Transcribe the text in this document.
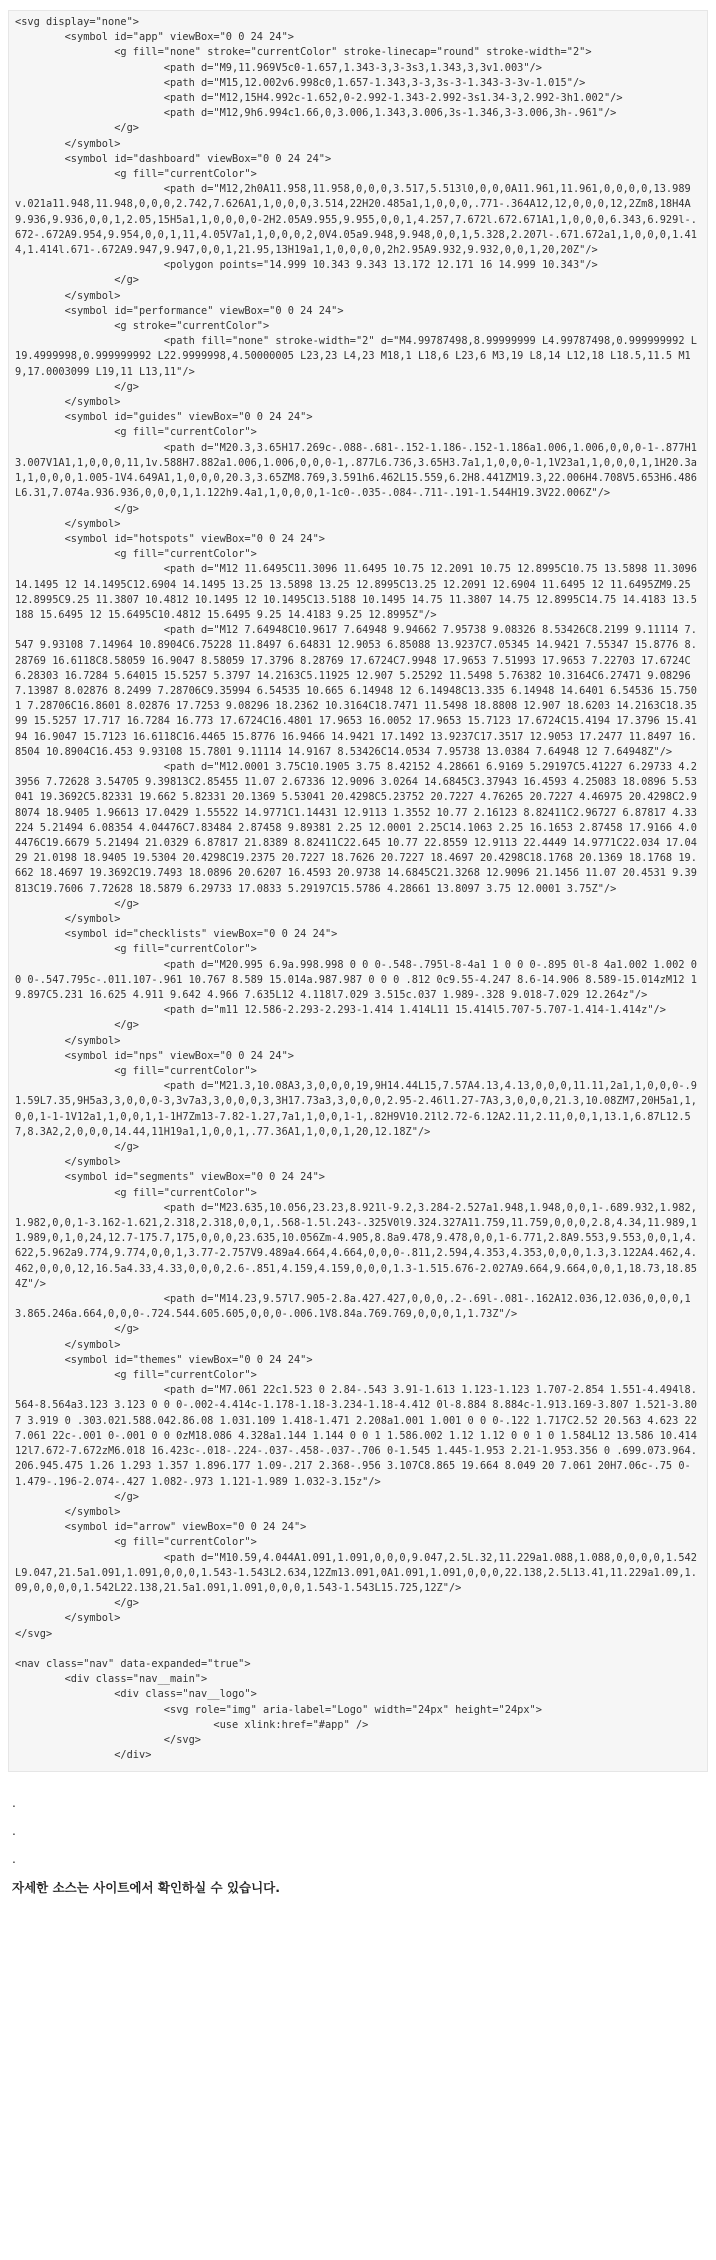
<svg display="none">
<symbol id="app" viewBox="0 0 24 24">
<g fill="none" stroke="currentColor" stroke-linecap="round" stroke-width="2">
<path d="M9,11.969V5c0-1.657,1.343-3,3-3s3,1.343,3,3v1.003"/>
<path d="M15,12.002v6.998c0,1.657-1.343,3-3,3s-3-1.343-3-3v-1.015"/>
<path d="M12,15H4.992c-1.652,0-2.992-1.343-2.992-3s1.34-3,2.992-3h1.002"/>
<path d="M12,9h6.994c1.66,0,3.006,1.343,3.006,3s-1.346,3-3.006,3h-.961"/>
</g>
</symbol>
<symbol id="dashboard" viewBox="0 0 24 24">
<g fill="currentColor">
<path d="M12,2h0A11.958,11.958,0,0,0,3.517,5.513l0,0,0,0A11.961,11.961,0,0,0,0,13.989v.021a11.948,11.948,0,0,0,2.742,7.626A1,1,0,0,0,3.514,22H20.485a1,1,0,0,0,.771-.364A12,12,0,0,0,12,2Zm8,18H4A9.936,9.936,0,0,1,2.05,15H5a1,1,0,0,0,0-2H2.05A9.955,9.955,0,0,1,4.257,7.672l.672.671A1,1,0,0,0,6.343,6.929l-.672-.672A9.954,9.954,0,0,1,11,4.05V7a1,1,0,0,0,2,0V4.05a9.948,9.948,0,0,1,5.328,2.207l-.671.672a1,1,0,0,0,1.414,1.414l.671-.672A9.947,9.947,0,0,1,21.95,13H19a1,1,0,0,0,0,2h2.95A9.932,9.932,0,0,1,20,20Z"/>
<polygon points="14.999 10.343 9.343 13.172 12.171 16 14.999 10.343"/>
</g>
</symbol>
<symbol id="performance" viewBox="0 0 24 24">
<g stroke="currentColor">
<path fill="none" stroke-width="2" d="M4.99787498,8.99999999 L4.99787498,0.999999992 L19.4999998,0.999999992 L22.9999998,4.50000005 L23,23 L4,23 M18,1 L18,6 L23,6 M3,19 L8,14 L12,18 L18.5,11.5 M19,17.0003099 L19,11 L13,11"/>
</g>
</symbol>
<symbol id="guides" viewBox="0 0 24 24">
<g fill="currentColor">
<path d="M20.3,3.65H17.269c-.088-.681-.152-1.186-.152-1.186a1.006,1.006,0,0,0-1-.877H13.007V1A1,1,0,0,0,11,1v.588H7.882a1.006,1.006,0,0,0-1,.877L6.736,3.65H3.7a1,1,0,0,0-1,1V23a1,1,0,0,0,1,1H20.3a1,1,0,0,0,1.005-1V4.649A1,1,0,0,0,20.3,3.65ZM8.769,3.591h6.462L15.559,6.2H8.441ZM19.3,22.006H4.708V5.653H6.486L6.31,7.074a.936.936,0,0,0,1,1.122h9.4a1,1,0,0,0,1-1c0-.035-.084-.711-.191-1.544H19.3V22.006Z"/>
</g>
</symbol>
<symbol id="hotspots" viewBox="0 0 24 24">
<g fill="currentColor">
<path d="M12 11.6495C11.3096 11.6495 10.75 12.2091 10.75 12.8995C10.75 13.5898 11.3096 14.1495 12 14.1495C12.6904 14.1495 13.25 13.5898 13.25 12.8995C13.25 12.2091 12.6904 11.6495 12 11.6495ZM9.25 12.8995C9.25 11.3807 10.4812 10.1495 12 10.1495C13.5188 10.1495 14.75 11.3807 14.75 12.8995C14.75 14.4183 13.5188 15.6495 12 15.6495C10.4812 15.6495 9.25 14.4183 9.25 12.8995Z"/>
<path d="M12 7.64948C10.9617 7.64948 9.94662 7.95738 9.08326 8.53426C8.2199 9.11114 7.547 9.93108 7.14964 10.8904C6.75228 11.8497 6.64831 12.9053 6.85088 13.9237C7.05345 14.9421 7.55347 15.8776 8.28769 16.6118C8.58059 16.9047 8.58059 17.3796 8.28769 17.6724C7.9948 17.9653 7.51993 17.9653 7.22703 17.6724C6.28303 16.7284 5.64015 15.5257 5.3797 14.2163C5.11925 12.907 5.25292 11.5498 5.76382 10.3164C6.27471 9.08296 7.13987 8.02876 8.2499 7.28706C9.35994 6.54535 10.665 6.14948 12 6.14948C13.335 6.14948 14.6401 6.54536 15.7501 7.28706C16.8601 8.02876 17.7253 9.08296 18.2362 10.3164C18.7471 11.5498 18.8808 12.907 18.6203 14.2163C18.3599 15.5257 17.717 16.7284 16.773 17.6724C16.4801 17.9653 16.0052 17.9653 15.7123 17.6724C15.4194 17.3796 15.4194 16.9047 15.7123 16.6118C16.4465 15.8776 16.9466 14.9421 17.1492 13.9237C17.3517 12.9053 17.2477 11.8497 16.8504 10.8904C16.453 9.93108 15.7801 9.11114 14.9167 8.53426C14.0534 7.95738 13.0384 7.64948 12 7.64948Z"/>
<path d="M12.0001 3.75C10.1905 3.75 8.42152 4.28661 6.9169 5.29197C5.41227 6.29733 4.23956 7.72628 3.54705 9.39813C2.85455 11.07 2.67336 12.9096 3.0264 14.6845C3.37943 16.4593 4.25083 18.0896 5.53041 19.3692C5.82331 19.662 5.82331 20.1369 5.53041 20.4298C5.23752 20.7227 4.76265 20.7227 4.46975 20.4298C2.98074 18.9405 1.96613 17.0429 1.55522 14.9771C1.14431 12.9113 1.3552 10.77 2.16123 8.82411C2.96727 6.87817 4.33224 5.21494 6.08354 4.04476C7.83484 2.87458 9.89381 2.25 12.0001 2.25C14.1063 2.25 16.1653 2.87458 17.9166 4.04476C19.6679 5.21494 21.0329 6.87817 21.8389 8.82411C22.645 10.77 22.8559 12.9113 22.4449 14.9771C22.034 17.0429 21.0198 18.9405 19.5304 20.4298C19.2375 20.7227 18.7626 20.7227 18.4697 20.4298C18.1768 20.1369 18.1768 19.662 18.4697 19.3692C19.7493 18.0896 20.6207 16.4593 20.9738 14.6845C21.3268 12.9096 21.1456 11.07 20.4531 9.39813C19.7606 7.72628 18.5879 6.29733 17.0833 5.29197C15.5786 4.28661 13.8097 3.75 12.0001 3.75Z"/>
</g>
</symbol>
<symbol id="checklists" viewBox="0 0 24 24">
<g fill="currentColor">
<path d="M20.995 6.9a.998.998 0 0 0-.548-.795l-8-4a1 1 0 0 0-.895 0l-8 4a1.002 1.002 0 0 0-.547.795c-.011.107-.961 10.767 8.589 15.014a.987.987 0 0 0 .812 0c9.55-4.247 8.6-14.906 8.589-15.014zM12 19.897C5.231 16.625 4.911 9.642 4.966 7.635L12 4.118l7.029 3.515c.037 1.989-.328 9.018-7.029 12.264z"/>
<path d="m11 12.586-2.293-2.293-1.414 1.414L11 15.414l5.707-5.707-1.414-1.414z"/>
</g>
</symbol>
<symbol id="nps" viewBox="0 0 24 24">
<g fill="currentColor">
<path d="M21.3,10.08A3,3,0,0,0,19,9H14.44L15,7.57A4.13,4.13,0,0,0,11.11,2a1,1,0,0,0-.91.59L7.35,9H5a3,3,0,0,0-3,3v7a3,3,0,0,0,3,3H17.73a3,3,0,0,0,2.95-2.46l1.27-7A3,3,0,0,0,21.3,10.08ZM7,20H5a1,1,0,0,1-1-1V12a1,1,0,0,1,1-1H7Zm13-7.82-1.27,7a1,1,0,0,1-1,.82H9V10.21l2.72-6.12A2.11,2.11,0,0,1,13.1,6.87L12.57,8.3A2,2,0,0,0,14.44,11H19a1,1,0,0,1,.77.36A1,1,0,0,1,20,12.18Z"/>
</g>
</symbol>
<symbol id="segments" viewBox="0 0 24 24">
<g fill="currentColor">
<path d="M23.635,10.056,23.23,8.921l-9.2,3.284-2.527a1.948,1.948,0,0,1-.689.932,1.982,1.982,0,0,1-3.162-1.621,2.318,2.318,0,0,1,.568-1.5l.243-.325V0l9.324.327A11.759,11.759,0,0,0,2.8,4.34,11.989,11.989,0,1,0,24,12.7-175.7,175,0,0,0,23.635,10.056Zm-4.905,8.8a9.478,9.478,0,0,1-6.771,2.8A9.553,9.553,0,0,1,4.622,5.962a9.774,9.774,0,0,1,3.77-2.757V9.489a4.664,4.664,0,0,0-.811,2.594,4.353,4.353,0,0,0,1.3,3.122A4.462,4.462,0,0,0,12,16.5a4.33,4.33,0,0,0,2.6-.851,4.159,4.159,0,0,0,1.3-1.515.676-2.027A9.664,9.664,0,0,1,18.73,18.854Z"/>
<path d="M14.23,9.57l7.905-2.8a.427.427,0,0,0,.2-.69l-.081-.162A12.036,12.036,0,0,0,13.865.246a.664,0,0,0-.724.544.605.605,0,0,0-.006.1V8.84a.769.769,0,0,0,1,1.73Z"/>
</g>
</symbol>
<symbol id="themes" viewBox="0 0 24 24">
<g fill="currentColor">
<path d="M7.061 22c1.523 0 2.84-.543 3.91-1.613 1.123-1.123 1.707-2.854 1.551-4.494l8.564-8.564a3.123 3.123 0 0 0-.002-4.414c-1.178-1.18-3.234-1.18-4.412 0l-8.884 8.884c-1.913.169-3.807 1.521-3.807 3.919 0 .303.021.588.042.86.08 1.031.109 1.418-1.471 2.208a1.001 1.001 0 0 0-.122 1.717C2.52 20.563 4.623 22 7.061 22c-.001 0-.001 0 0 0zM18.086 4.328a1.144 1.144 0 0 1 1.586.002 1.12 1.12 0 0 1 0 1.584L12 13.586 10.414 12l7.672-7.672zM6.018 16.423c-.018-.224-.037-.458-.037-.706 0-1.545 1.445-1.953 2.21-1.953.356 0 .699.073.964.206.945.475 1.26 1.293 1.357 1.896.177 1.09-.217 2.368-.956 3.107C8.865 19.664 8.049 20 7.061 20H7.06c-.75 0-1.479-.196-2.074-.427 1.082-.973 1.121-1.989 1.032-3.15z"/>
</g>
</symbol>
<symbol id="arrow" viewBox="0 0 24 24">
<g fill="currentColor">
<path d="M10.59,4.044A1.091,1.091,0,0,0,9.047,2.5L.32,11.229a1.088,1.088,0,0,0,0,1.542L9.047,21.5a1.091,1.091,0,0,0,1.543-1.543L2.634,12Zm13.091,0A1.091,1.091,0,0,0,22.138,2.5L13.41,11.229a1.09,1.09,0,0,0,0,1.542L22.138,21.5a1.091,1.091,0,0,0,1.543-1.543L15.725,12Z"/>
</g>
</symbol>
</svg>
<nav class="nav" data-expanded="true">
<div class="nav__main">
<div class="nav__logo">
<svg role="img" aria-label="Logo" width="24px" height="24px">
<use xlink:href="#app" />
</svg>
</div>
.
.
자세한 소스는 사이트에서 확인하실 수 있습니다.
.
